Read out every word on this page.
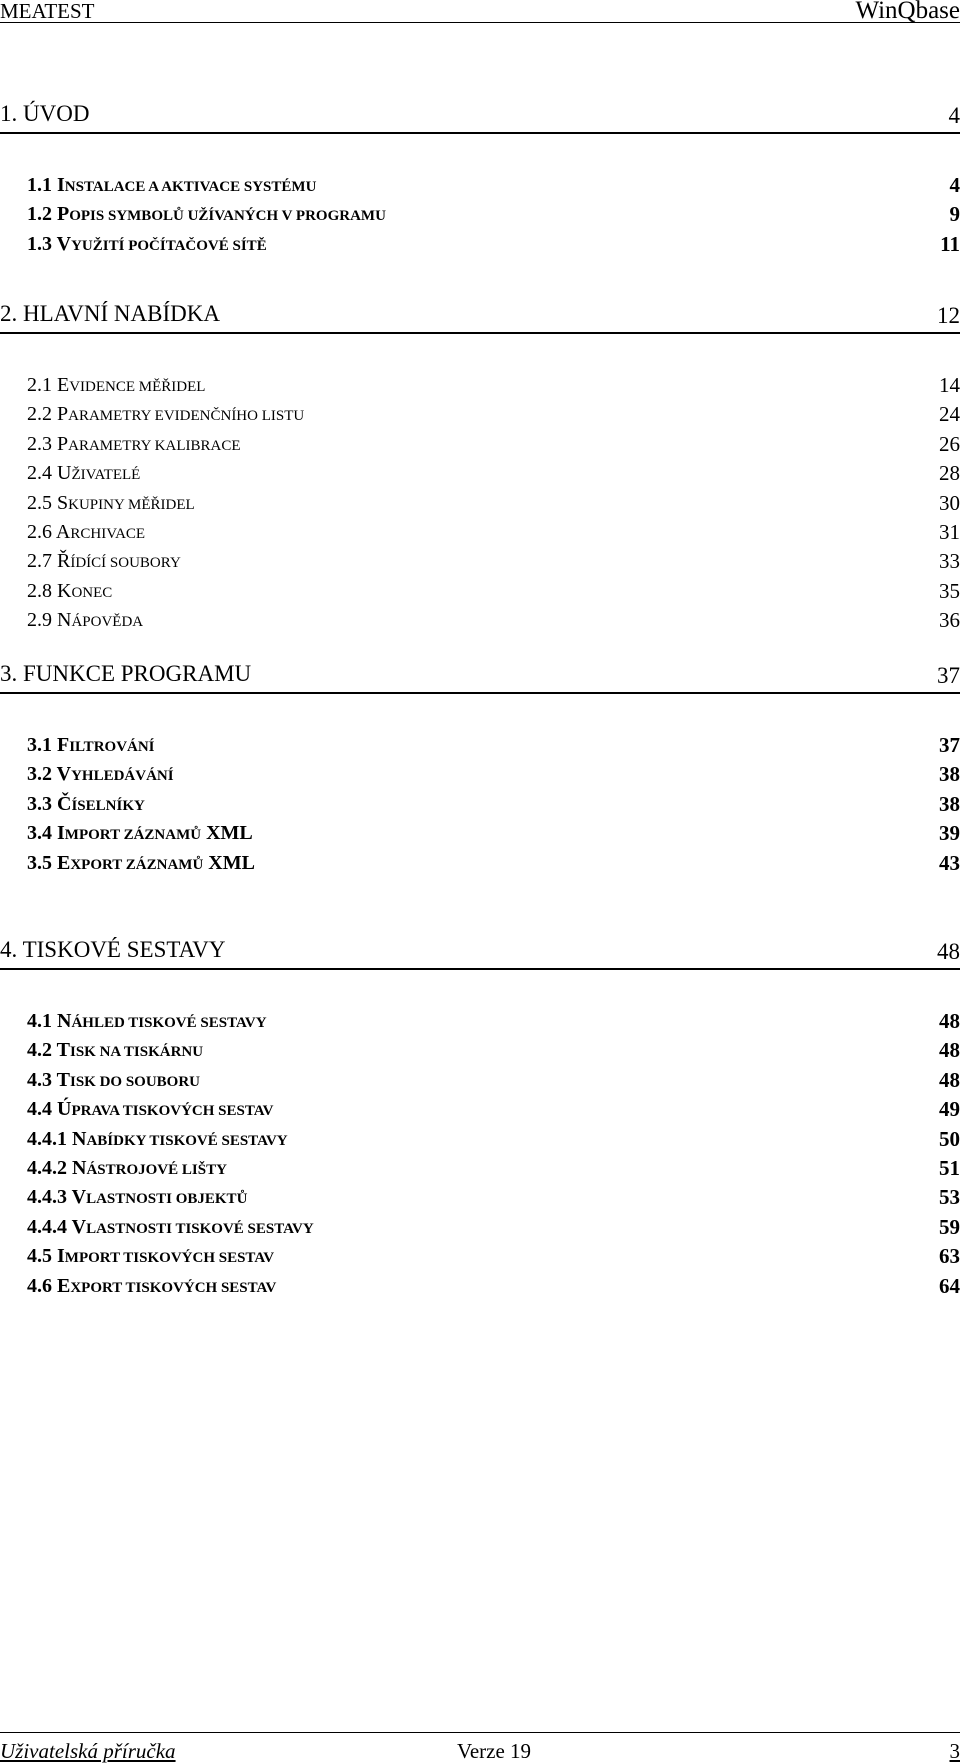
MEATEST	WinQbase
1. ÚVOD	4
1.1 INSTALACE A AKTIVACE SYSTÉMU	4
1.2 POPIS SYMBOLŮ UŽÍVANÝCH V PROGRAMU	9
1.3 VYUŽITÍ POČÍTAČOVÉ SÍTĚ	11
2. HLAVNÍ NABÍDKA	12
2.1 EVIDENCE MĚŘIDEL	14
2.2 PARAMETRY EVIDENČNÍHO LISTU	24
2.3 PARAMETRY KALIBRACE	26
2.4 UŽIVATELÉ	28
2.5 SKUPINY MĚŘIDEL	30
2.6 ARCHIVACE	31
2.7 ŘÍDÍCÍ SOUBORY	33
2.8 KONEC	35
2.9 NÁPOVĚDA	36
3. FUNKCE PROGRAMU	37
3.1 FILTROVÁNÍ	37
3.2 VYHLEDÁVÁNÍ	38
3.3 ČÍSELNÍKY	38
3.4 IMPORT ZÁZNAMŮ XML	39
3.5 EXPORT ZÁZNAMŮ XML	43
4. TISKOVÉ SESTAVY	48
4.1 NÁHLED TISKOVÉ SESTAVY	48
4.2 TISK NA TISKÁRNU	48
4.3 TISK DO SOUBORU	48
4.4 ÚPRAVA TISKOVÝCH SESTAV	49
4.4.1 NABÍDKY TISKOVÉ SESTAVY	50
4.4.2 NÁSTROJOVÉ LIŠTY	51
4.4.3 VLASTNOSTI OBJEKTŮ	53
4.4.4 VLASTNOSTI TISKOVÉ SESTAVY	59
4.5 IMPORT TISKOVÝCH SESTAV	63
4.6 EXPORT TISKOVÝCH SESTAV	64
Uživatelská příručka	Verze 19	3
